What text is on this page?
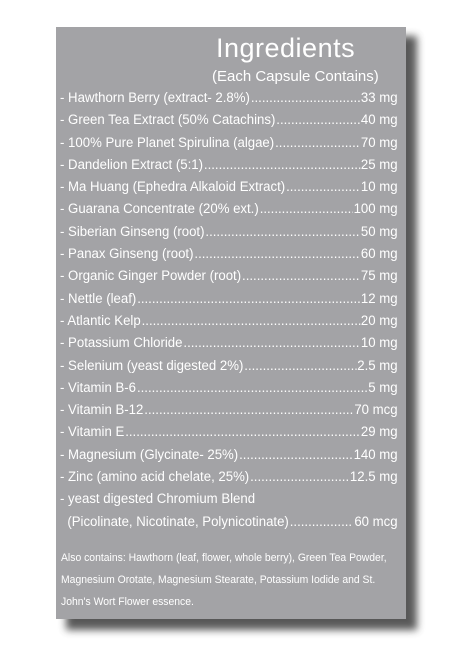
Ingredients

(Each Capsule Contains)

- Hawthorn Berry (extract- 2.8%) .....	33 mg
- Green Tea Extract (50% Catachins) .....	40 mg
- 100% Pure Planet Spirulina (algae) .....	70 mg
- Dandelion Extract (5:1) .....	25 mg
- Ma Huang (Ephedra Alkaloid Extract) .....	10 mg
- Guarana Concentrate (20% ext.) .....	100 mg
- Siberian Ginseng (root) .....	50 mg
- Panax Ginseng (root) .....	60 mg
- Organic Ginger Powder (root) .....	75 mg
- Nettle (leaf) .....	12 mg
- Atlantic Kelp .....	20 mg
- Potassium Chloride .....	10 mg
- Selenium (yeast digested 2%) .....	2.5 mg
- Vitamin B-6 .....	5 mg
- Vitamin B-12 .....	70 mcg
- Vitamin E .....	29 mg
- Magnesium (Glycinate- 25%) .....	140 mg
- Zinc (amino acid chelate, 25%) .....	12.5 mg
- yeast digested Chromium Blend
(Picolinate, Nicotinate, Polynicotinate) .....	60 mcg

Also contains: Hawthorn (leaf, flower, whole berry), Green Tea Powder, Magnesium Orotate, Magnesium Stearate, Potassium Iodide and St. John's Wort Flower essence.
